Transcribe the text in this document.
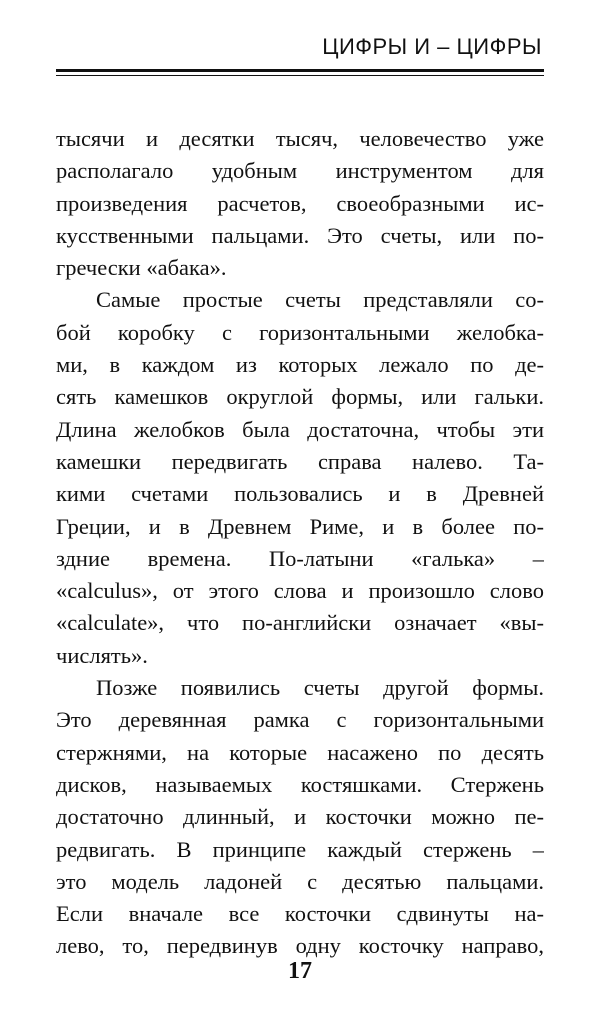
ЦИФРЫ И – ЦИФРЫ
тысячи и десятки тысяч, человечество уже
располагало удобным инструментом для
произведения расчетов, своеобразными ис-
кусственными пальцами. Это счеты, или по-
гречески «абака».
Самые простые счеты представляли со-
бой коробку с горизонтальными желобка-
ми, в каждом из которых лежало по де-
сять камешков округлой формы, или гальки.
Длина желобков была достаточна, чтобы эти
камешки передвигать справа налево. Та-
кими счетами пользовались и в Древней
Греции, и в Древнем Риме, и в более по-
здние времена. По-латыни «галька» –
«calculus», от этого слова и произошло слово
«calculate», что по-английски означает «вы-
числять».
Позже появились счеты другой формы.
Это деревянная рамка с горизонтальными
стержнями, на которые насажено по десять
дисков, называемых костяшками. Стержень
достаточно длинный, и косточки можно пе-
редвигать. В принципе каждый стержень –
это модель ладоней с десятью пальцами.
Если вначале все косточки сдвинуты на-
лево, то, передвинув одну косточку направо,
17
